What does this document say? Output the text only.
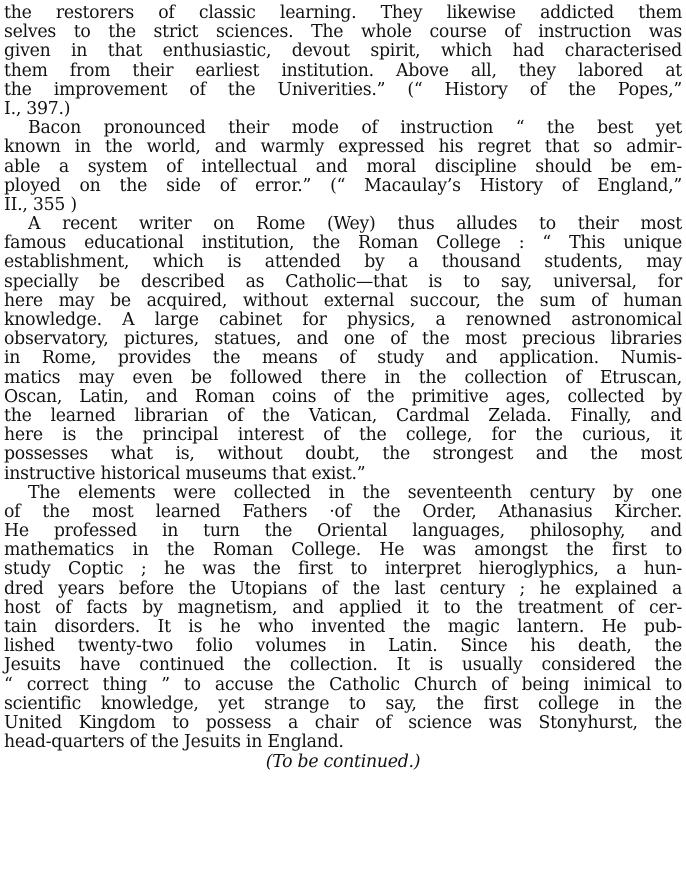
the restorers of classic learning. They likewise addicted them
selves to the strict sciences. The whole course of instruction was
given in that enthusiastic, devout spirit, which had characterised
them from their earliest institution. Above all, they labored at
the improvement of the Univerities.” (“ History of the Popes,”
I., 397.)
Bacon pronounced their mode of instruction “ the best yet
known in the world, and warmly expressed his regret that so admir-
able a system of intellectual and moral discipline should be em-
ployed on the side of error.” (“ Macaulay’s History of England,”
II., 355 )
A recent writer on Rome (Wey) thus alludes to their most
famous educational institution, the Roman College : “ This unique
establishment, which is attended by a thousand students, may
specially be described as Catholic—that is to say, universal, for
here may be acquired, without external succour, the sum of human
knowledge. A large cabinet for physics, a renowned astronomical
observatory, pictures, statues, and one of the most precious libraries
in Rome, provides the means of study and application. Numis-
matics may even be followed there in the collection of Etruscan,
Oscan, Latin, and Roman coins of the primitive ages, collected by
the learned librarian of the Vatican, Cardmal Zelada. Finally, and
here is the principal interest of the college, for the curious, it
possesses what is, without doubt, the strongest and the most
instructive historical museums that exist.”
The elements were collected in the seventeenth century by one
of the most learned Fathers ·of the Order, Athanasius Kircher.
He professed in turn the Oriental languages, philosophy, and
mathematics in the Roman College. He was amongst the first to
study Coptic ; he was the first to interpret hieroglyphics, a hun-
dred years before the Utopians of the last century ; he explained a
host of facts by magnetism, and applied it to the treatment of cer-
tain disorders. It is he who invented the magic lantern. He pub-
lished twenty-two folio volumes in Latin. Since his death, the
Jesuits have continued the collection. It is usually considered the
“ correct thing ” to accuse the Catholic Church of being inimical to
scientific knowledge, yet strange to say, the first college in the
United Kingdom to possess a chair of science was Stonyhurst, the
head-quarters of the Jesuits in England.
(To be continued.)
